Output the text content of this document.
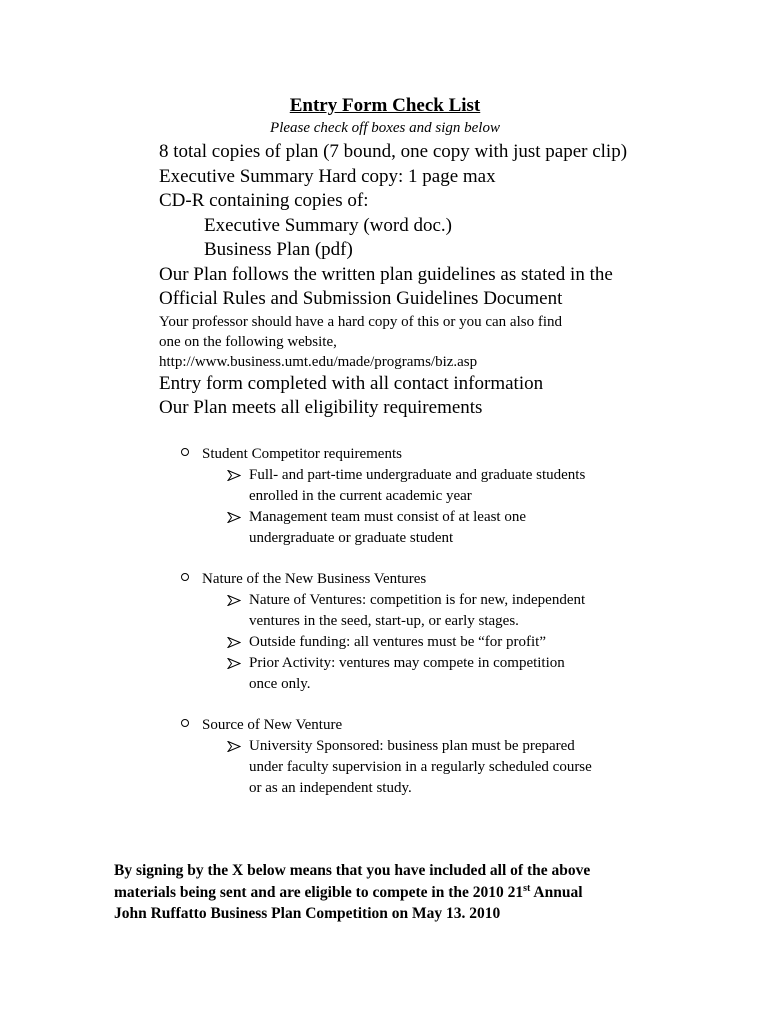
Entry Form Check List
Please check off boxes and sign below
8 total copies of plan (7 bound, one copy with just paper clip)
Executive Summary Hard copy: 1 page max
CD-R containing copies of:
Executive Summary (word doc.)
Business Plan (pdf)
Our Plan follows the written plan guidelines as stated in the
Official Rules and Submission Guidelines Document
Your professor should have a hard copy of this or you can also find
one on the following website,
http://www.business.umt.edu/made/programs/biz.asp
Entry form completed with all contact information
Our Plan meets all eligibility requirements
Student Competitor requirements
Full- and part-time undergraduate and graduate students
enrolled in the current academic year
Management team must consist of at least one
undergraduate or graduate student
Nature of the New Business Ventures
Nature of Ventures: competition is for new, independent
ventures in the seed, start-up, or early stages.
Outside funding: all ventures must be “for profit”
Prior Activity: ventures may compete in competition
once only.
Source of New Venture
University Sponsored: business plan must be prepared
under faculty supervision in a regularly scheduled course
or as an independent study.
By signing by the X below means that you have included all of the above
materials being sent and are eligible to compete in the 2010 21st Annual
John Ruffatto Business Plan Competition on May 13. 2010
